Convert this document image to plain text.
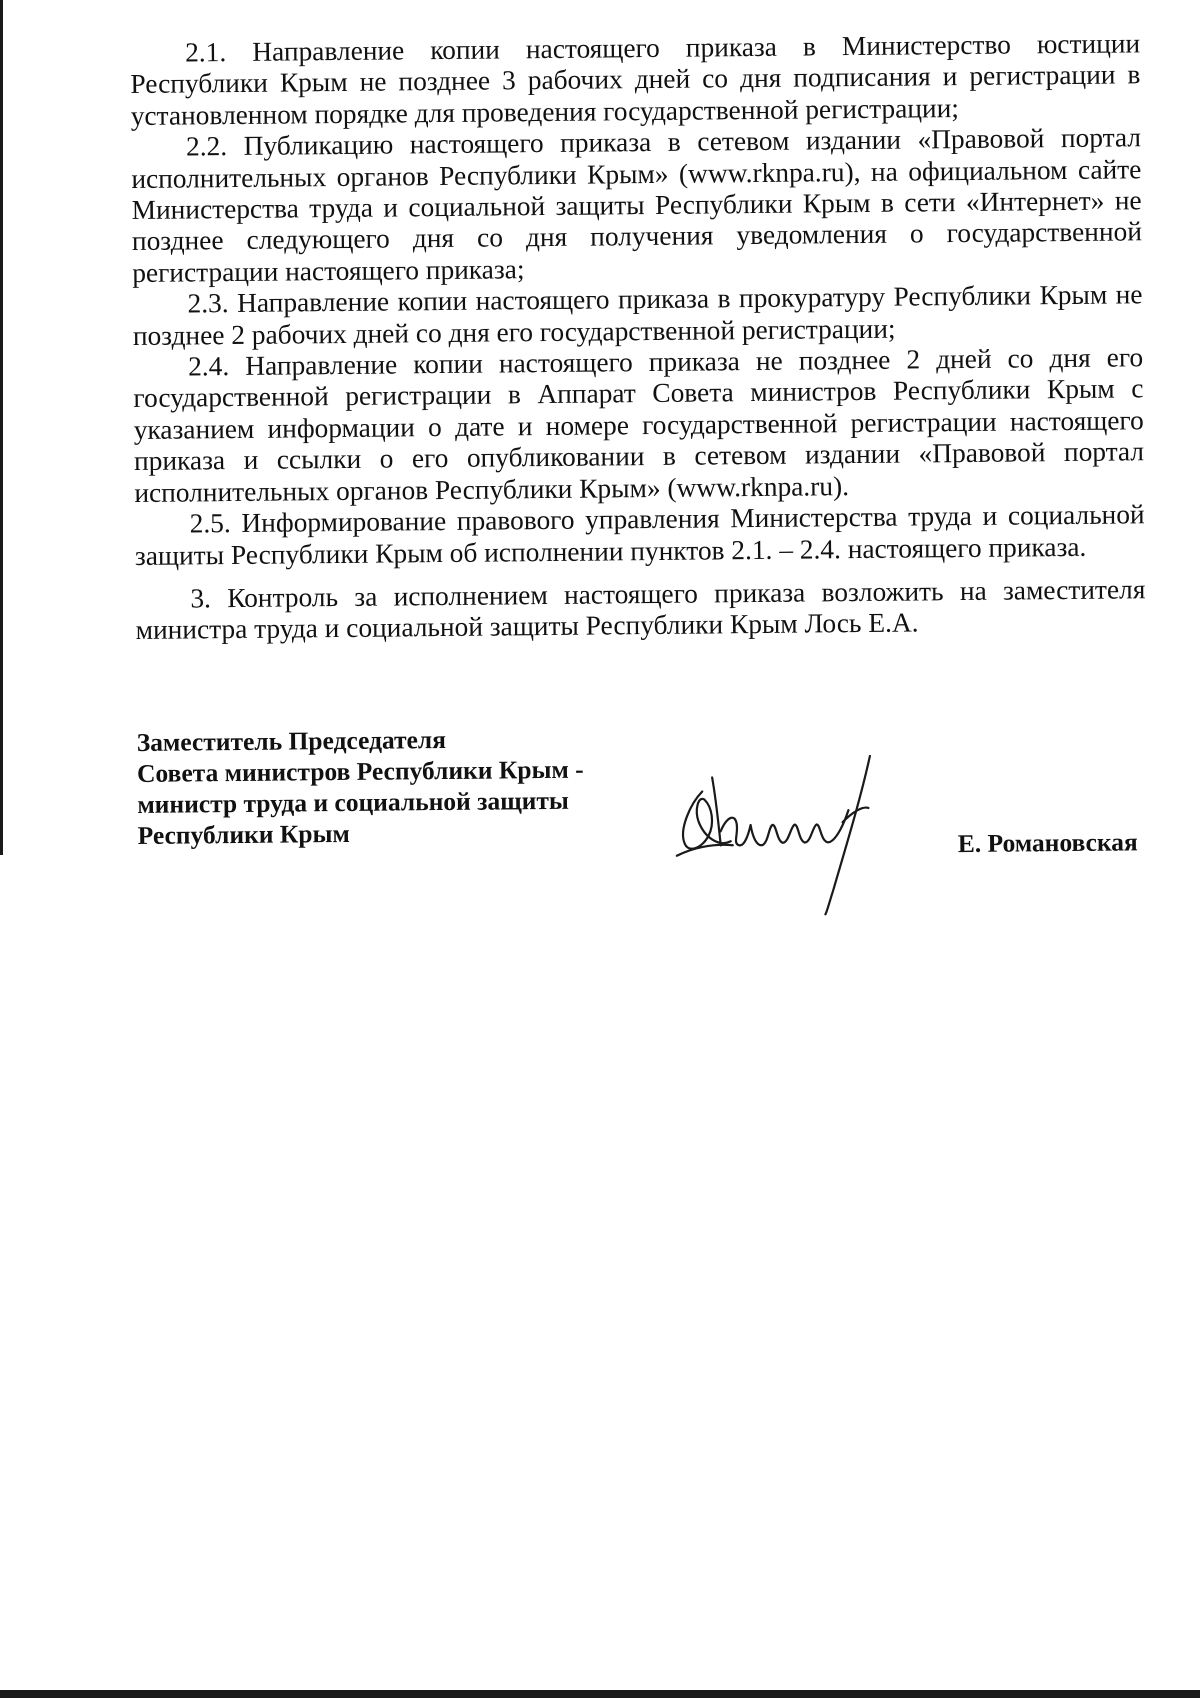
2.1. Направление копии настоящего приказа в Министерство юстиции Республики Крым не позднее 3 рабочих дней со дня подписания и регистрации в установленном порядке для проведения государственной регистрации;

2.2. Публикацию настоящего приказа в сетевом издании «Правовой портал исполнительных органов Республики Крым» (www.rknpa.ru), на официальном сайте Министерства труда и социальной защиты Республики Крым в сети «Интернет» не позднее следующего дня со дня получения уведомления о государственной регистрации настоящего приказа;

2.3. Направление копии настоящего приказа в прокуратуру Республики Крым не позднее 2 рабочих дней со дня его государственной регистрации;

2.4. Направление копии настоящего приказа не позднее 2 дней со дня его государственной регистрации в Аппарат Совета министров Республики Крым с указанием информации о дате и номере государственной регистрации настоящего приказа и ссылки о его опубликовании в сетевом издании «Правовой портал исполнительных органов Республики Крым» (www.rknpa.ru).

2.5. Информирование правового управления Министерства труда и социальной защиты Республики Крым об исполнении пунктов 2.1. – 2.4. настоящего приказа.

3. Контроль за исполнением настоящего приказа возложить на заместителя министра труда и социальной защиты Республики Крым Лось Е.А.

Заместитель Председателя
Совета министров Республики Крым -
министр труда и социальной защиты
Республики Крым	Е. Романовская
